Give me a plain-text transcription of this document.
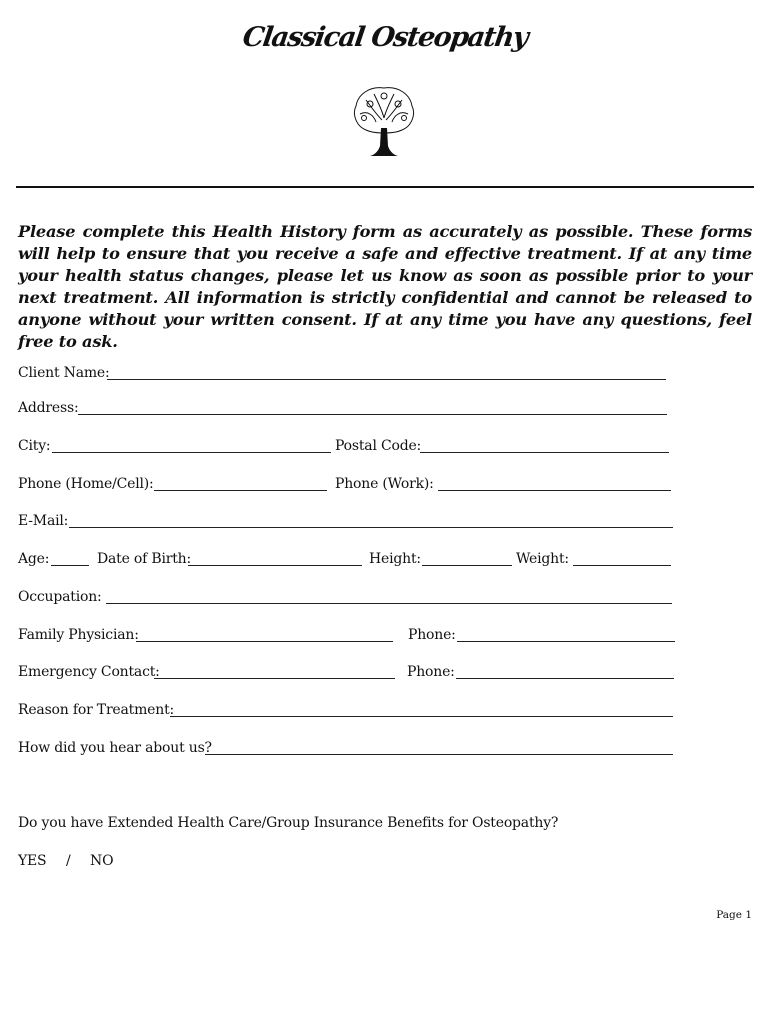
Classical Osteopathy

Please complete this Health History form as accurately as possible. These forms will help to ensure that you receive a safe and effective treatment. If at any time your health status changes, please let us know as soon as possible prior to your next treatment. All information is strictly confidential and cannot be released to anyone without your written consent. If at any time you have any questions, feel free to ask.

Client Name:
Address:
City:	Postal Code:
Phone (Home/Cell):	Phone (Work):
E-Mail:
Age:	Date of Birth:	Height:	Weight:
Occupation:
Family Physician:	Phone:
Emergency Contact:	Phone:
Reason for Treatment:
How did you hear about us?
Do you have Extended Health Care/Group Insurance Benefits for Osteopathy?
YES / NO
Page 1
